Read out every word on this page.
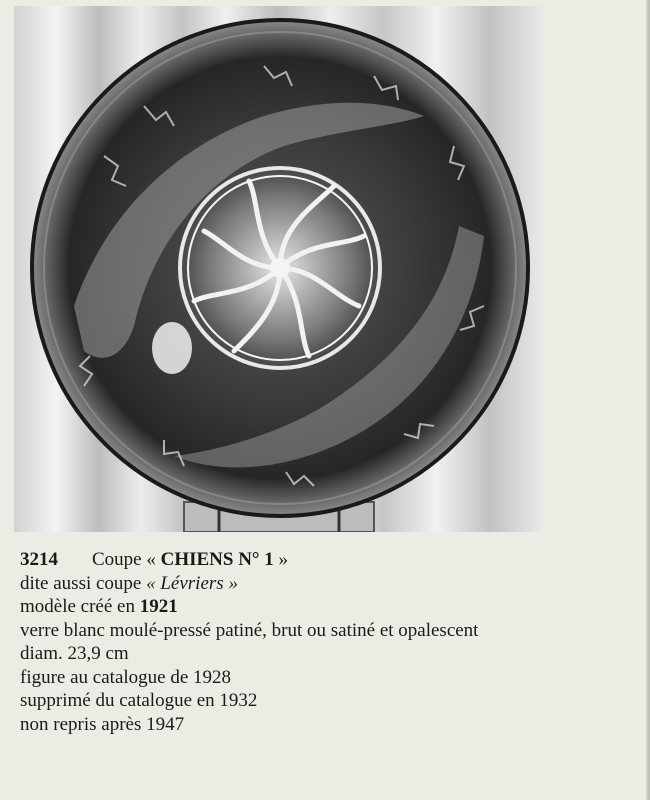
3214 Coupe « CHIENS N° 1 »
dite aussi coupe « Lévriers »
modèle créé en 1921
verre blanc moulé-pressé patiné, brut ou satiné et opalescent
diam. 23,9 cm
figure au catalogue de 1928
supprimé du catalogue en 1932
non repris après 1947
